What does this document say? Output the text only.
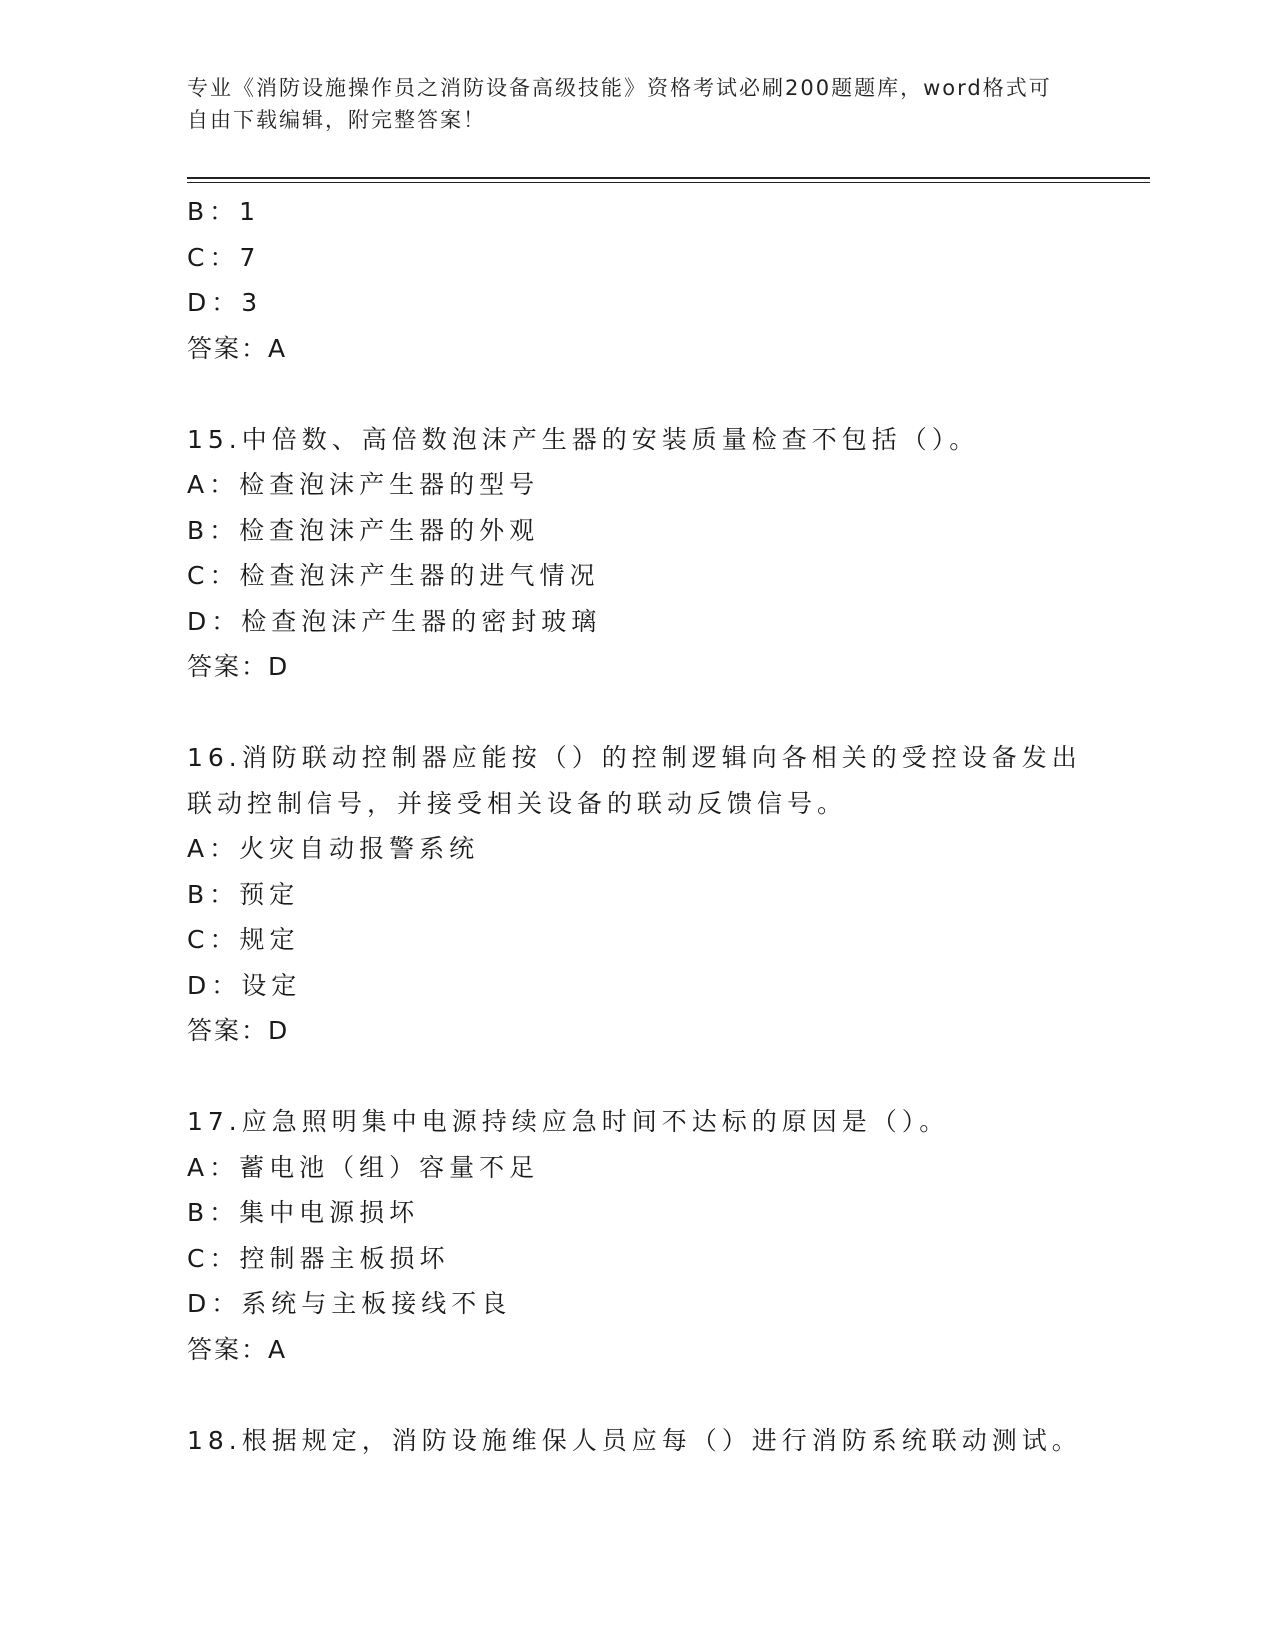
专业《消防设施操作员之消防设备高级技能》资格考试必刷200题题库，word格式可自由下载编辑，附完整答案！
B：1
C：7
D：3
答案：A
15.中倍数、高倍数泡沫产生器的安装质量检查不包括（）。
A：检查泡沫产生器的型号
B：检查泡沫产生器的外观
C：检查泡沫产生器的进气情况
D：检查泡沫产生器的密封玻璃
答案：D
16.消防联动控制器应能按（）的控制逻辑向各相关的受控设备发出联动控制信号，并接受相关设备的联动反馈信号。
A：火灾自动报警系统
B：预定
C：规定
D：设定
答案：D
17.应急照明集中电源持续应急时间不达标的原因是（）。
A：蓄电池（组）容量不足
B：集中电源损坏
C：控制器主板损坏
D：系统与主板接线不良
答案：A
18.根据规定，消防设施维保人员应每（）进行消防系统联动测试。
